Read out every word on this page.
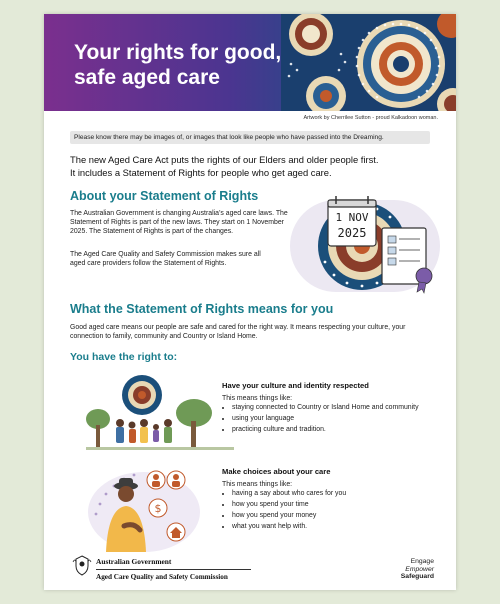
Your rights for good,
safe aged care
Artwork by Cherrilee Sutton - proud Kalkadoon woman.
Please know there may be images of, or images that look like people who have passed into the Dreaming.
The new Aged Care Act puts the rights of our Elders and older people first.
It includes a Statement of Rights for people who get aged care.
About your Statement of Rights
The Australian Government is changing Australia’s aged care laws. The Statement of Rights is part of the new laws. They start on 1 November 2025. The Statement of Rights is part of the changes.
The Aged Care Quality and Safety Commission makes sure all aged care providers follow the Statement of Rights.
1 NOV
2025
What the Statement of Rights means for you
Good aged care means our people are safe and cared for the right way. It means respecting your culture, your connection to family, community and Country or Island Home.
You have the right to:
Have your culture and identity respected
This means things like:
• staying connected to Country or Island Home and community
• using your language
• practicing culture and tradition.
$
Make choices about your care
This means things like:
• having a say about who cares for you
• how you spend your time
• how you spend your money
• what you want help with.
Australian Government
Aged Care Quality and Safety Commission
Engage
Empower
Safeguard
